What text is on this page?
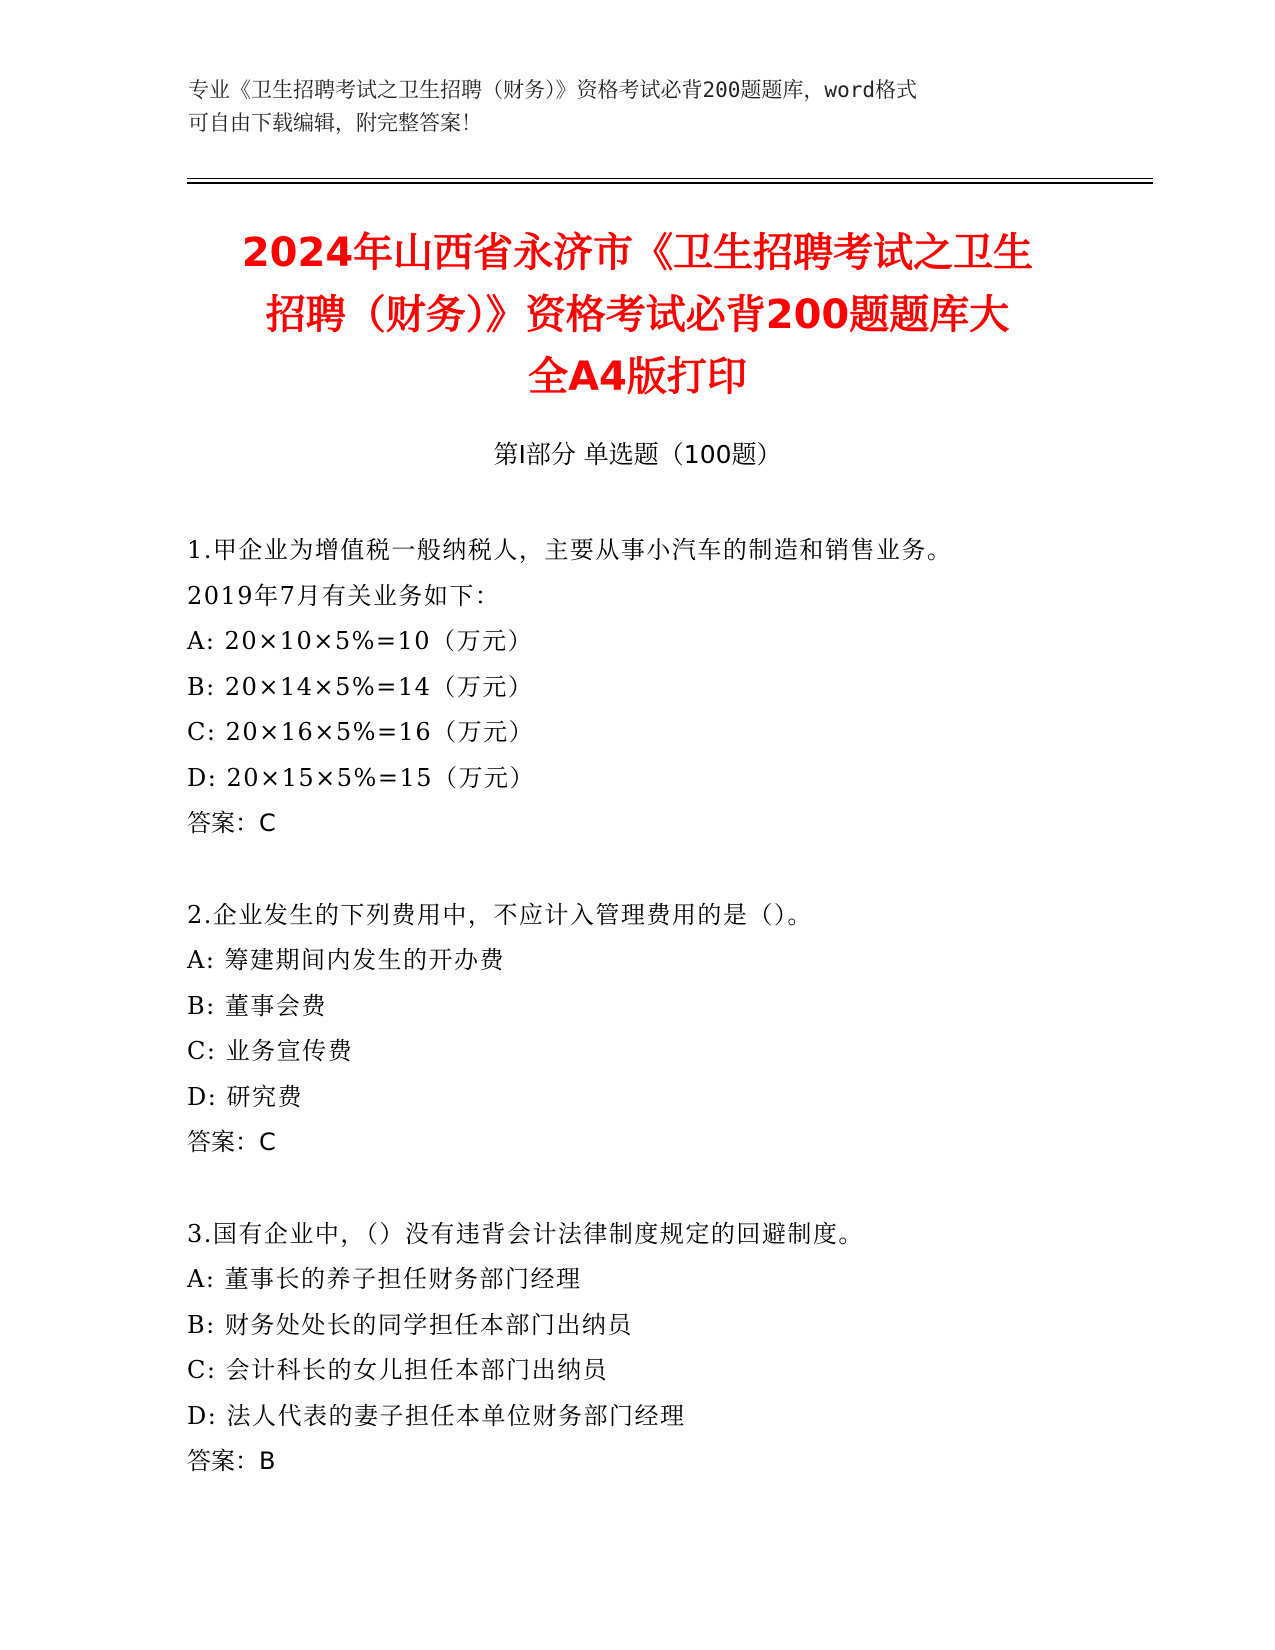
专业《卫生招聘考试之卫生招聘（财务）》资格考试必背200题题库，word格式
可自由下载编辑，附完整答案！
2024年山西省永济市《卫生招聘考试之卫生
招聘（财务）》资格考试必背200题题库大
全A4版打印
第Ⅰ部分 单选题（100题）
1.甲企业为增值税一般纳税人，主要从事小汽车的制造和销售业务。
2019年7月有关业务如下：
A: 20×10×5%=10（万元）
B: 20×14×5%=14（万元）
C: 20×16×5%=16（万元）
D: 20×15×5%=15（万元）
答案：C
2.企业发生的下列费用中，不应计入管理费用的是（）。
A: 筹建期间内发生的开办费
B: 董事会费
C: 业务宣传费
D: 研究费
答案：C
3.国有企业中，（）没有违背会计法律制度规定的回避制度。
A: 董事长的养子担任财务部门经理
B: 财务处处长的同学担任本部门出纳员
C: 会计科长的女儿担任本部门出纳员
D: 法人代表的妻子担任本单位财务部门经理
答案：B
